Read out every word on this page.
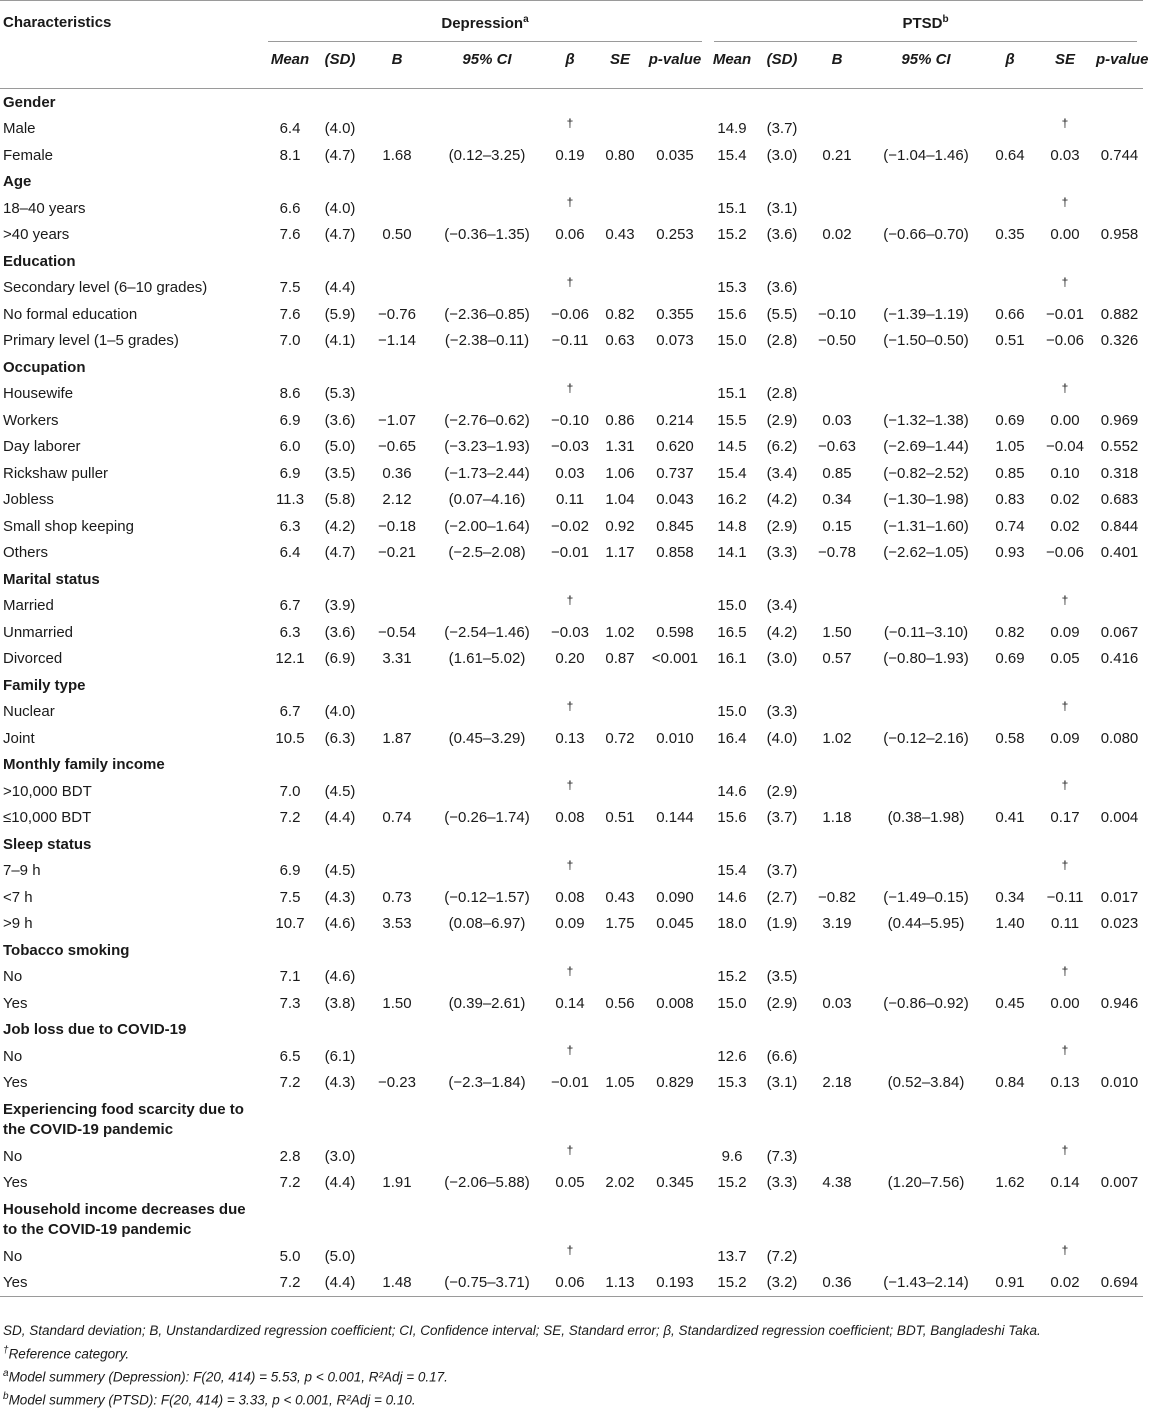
Characteristics	Depression$^a$							PTSD$^b$
	Mean	(SD)	B	95% CI	β	SE	p-value	Mean	(SD)	B	95% CI	β	SE	p-value

Gender														
Male	6.4	(4.0)			†			14.9	(3.7)				†	
Female	8.1	(4.7)	1.68	(0.12–3.25)	0.19	0.80	0.035	15.4	(3.0)	0.21	(−1.04–1.46)	0.64	0.03	0.744
Age														
18–40 years	6.6	(4.0)			†			15.1	(3.1)				†	
>40 years	7.6	(4.7)	0.50	(−0.36–1.35)	0.06	0.43	0.253	15.2	(3.6)	0.02	(−0.66–0.70)	0.35	0.00	0.958
Education														
Secondary level (6–10 grades)	7.5	(4.4)			†			15.3	(3.6)				†	
No formal education	7.6	(5.9)	−0.76	(−2.36–0.85)	−0.06	0.82	0.355	15.6	(5.5)	−0.10	(−1.39–1.19)	0.66	−0.01	0.882
Primary level (1–5 grades)	7.0	(4.1)	−1.14	(−2.38–0.11)	−0.11	0.63	0.073	15.0	(2.8)	−0.50	(−1.50–0.50)	0.51	−0.06	0.326
Occupation														
Housewife	8.6	(5.3)			†			15.1	(2.8)				†	
Workers	6.9	(3.6)	−1.07	(−2.76–0.62)	−0.10	0.86	0.214	15.5	(2.9)	0.03	(−1.32–1.38)	0.69	0.00	0.969
Day laborer	6.0	(5.0)	−0.65	(−3.23–1.93)	−0.03	1.31	0.620	14.5	(6.2)	−0.63	(−2.69–1.44)	1.05	−0.04	0.552
Rickshaw puller	6.9	(3.5)	0.36	(−1.73–2.44)	0.03	1.06	0.737	15.4	(3.4)	0.85	(−0.82–2.52)	0.85	0.10	0.318
Jobless	11.3	(5.8)	2.12	(0.07–4.16)	0.11	1.04	0.043	16.2	(4.2)	0.34	(−1.30–1.98)	0.83	0.02	0.683
Small shop keeping	6.3	(4.2)	−0.18	(−2.00–1.64)	−0.02	0.92	0.845	14.8	(2.9)	0.15	(−1.31–1.60)	0.74	0.02	0.844
Others	6.4	(4.7)	−0.21	(−2.5–2.08)	−0.01	1.17	0.858	14.1	(3.3)	−0.78	(−2.62–1.05)	0.93	−0.06	0.401
Marital status														
Married	6.7	(3.9)			†			15.0	(3.4)				†	
Unmarried	6.3	(3.6)	−0.54	(−2.54–1.46)	−0.03	1.02	0.598	16.5	(4.2)	1.50	(−0.11–3.10)	0.82	0.09	0.067
Divorced	12.1	(6.9)	3.31	(1.61–5.02)	0.20	0.87	<0.001	16.1	(3.0)	0.57	(−0.80–1.93)	0.69	0.05	0.416
Family type														
Nuclear	6.7	(4.0)			†			15.0	(3.3)				†	
Joint	10.5	(6.3)	1.87	(0.45–3.29)	0.13	0.72	0.010	16.4	(4.0)	1.02	(−0.12–2.16)	0.58	0.09	0.080
Monthly family income														
>10,000 BDT	7.0	(4.5)			†			14.6	(2.9)				†	
≤10,000 BDT	7.2	(4.4)	0.74	(−0.26–1.74)	0.08	0.51	0.144	15.6	(3.7)	1.18	(0.38–1.98)	0.41	0.17	0.004
Sleep status														
7–9 h	6.9	(4.5)			†			15.4	(3.7)				†	
<7 h	7.5	(4.3)	0.73	(−0.12–1.57)	0.08	0.43	0.090	14.6	(2.7)	−0.82	(−1.49–0.15)	0.34	−0.11	0.017
>9 h	10.7	(4.6)	3.53	(0.08–6.97)	0.09	1.75	0.045	18.0	(1.9)	3.19	(0.44–5.95)	1.40	0.11	0.023
Tobacco smoking														
No	7.1	(4.6)			†			15.2	(3.5)				†	
Yes	7.3	(3.8)	1.50	(0.39–2.61)	0.14	0.56	0.008	15.0	(2.9)	0.03	(−0.86–0.92)	0.45	0.00	0.946
Job loss due to COVID-19														
No	6.5	(6.1)			†			12.6	(6.6)				†	
Yes	7.2	(4.3)	−0.23	(−2.3–1.84)	−0.01	1.05	0.829	15.3	(3.1)	2.18	(0.52–3.84)	0.84	0.13	0.010
Experiencing food scarcity due to the COVID-19 pandemic														
No	2.8	(3.0)			†			9.6	(7.3)				†	
Yes	7.2	(4.4)	1.91	(−2.06–5.88)	0.05	2.02	0.345	15.2	(3.3)	4.38	(1.20–7.56)	1.62	0.14	0.007
Household income decreases due to the COVID-19 pandemic														
No	5.0	(5.0)			†			13.7	(7.2)				†	
Yes	7.2	(4.4)	1.48	(−0.75–3.71)	0.06	1.13	0.193	15.2	(3.2)	0.36	(−1.43–2.14)	0.91	0.02	0.694

SD, Standard deviation; B, Unstandardized regression coefficient; CI, Confidence interval; SE, Standard error; β, Standardized regression coefficient; BDT, Bangladeshi Taka.
†Reference category.
$^a$Model summery (Depression): F(20, 414) = 5.53, p < 0.001, R²Adj = 0.17.
$^b$Model summery (PTSD): F(20, 414) = 3.33, p < 0.001, R²Adj = 0.10.
